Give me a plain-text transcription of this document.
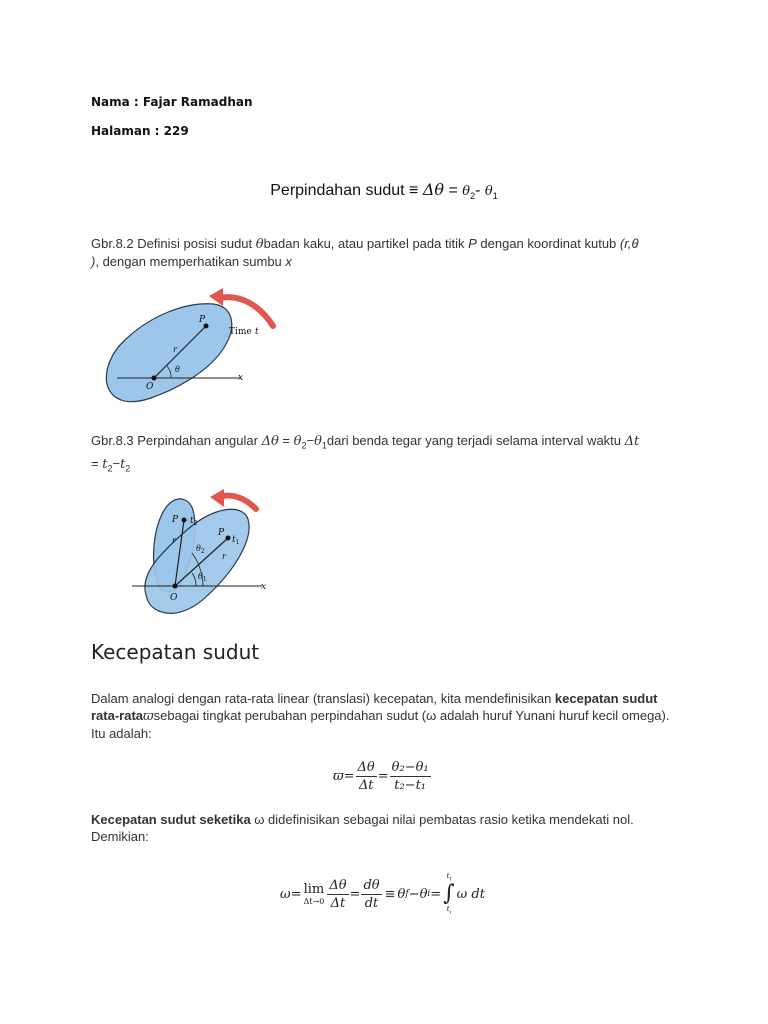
Nama : Fajar Ramadhan
Halaman : 229
Perpindahan sudut ≡ $\Delta\theta = \theta_2-$ $\theta_1$
Gbr.8.2 Definisi posisi sudut θbadan kaku, atau partikel pada titik P dengan koordinat kutub (r,θ
), dengan memperhatikan sumbu x
P
Time t
r
θ
O
x
Gbr.8.3 Perpindahan angular $\Delta\theta = \theta_2-\theta_1dari$ benda tegar yang terjadi selama interval waktu Δt
= $t_2-t_2$
P $t_2$
P
$t_1$
r
r
$\theta_2$
$\theta_1$
O
x
Kecepatan sudut
Dalam analogi dengan rata-rata linear (translasi) kecepatan, kita mendefinisikan kecepatan sudut rata-rataϖsebagai tingkat perubahan perpindahan sudut (ω adalah huruf Yunani huruf kecil omega). Itu adalah:
$ϖ = \frac{\Delta\theta}{\Delta t} = \frac{\text{θ₂−θ₁}}{\text{t₂−t₁}}$
Kecepatan sudut seketika ω didefinisikan sebagai nilai pembatas rasio ketika mendekati nol. Demikian:
ω = lim
$\Delta t\to 0 \frac{\Delta\theta}{\Delta t} = \frac{d\theta}{dt} \equiv \theta$ f −θ i =
$t_f$
∫
$t_i$
ω dt
